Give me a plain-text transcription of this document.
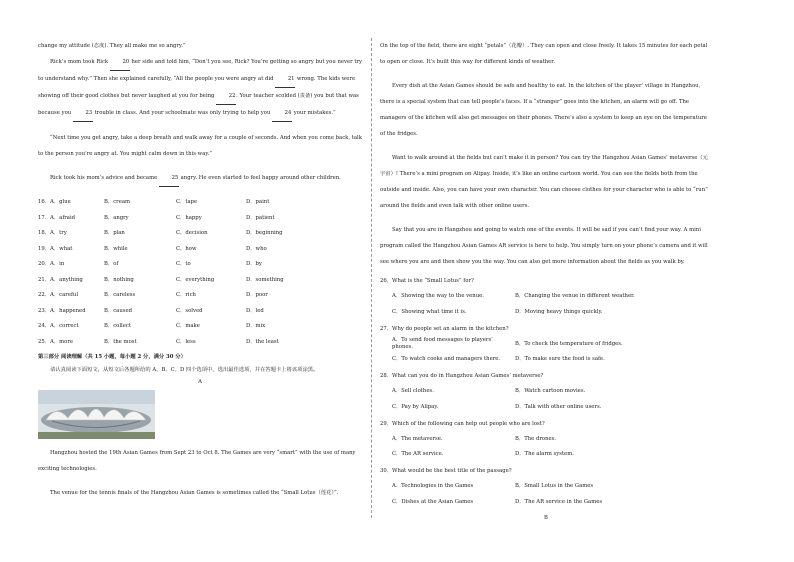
change my attitude (态度). They all make me so angry.”

Rick’s mom took Rick 20 her side and told him, “Don’t you see, Rick? You’re getting so angry but you never try to understand why.” Then she explained carefully, “All the people you were angry at did 21 wrong. The kids were showing off their good clothes but never laughed at you for being 22. Your teacher scolded (责备) you but that was because you 23 trouble in class. And your schoolmate was only trying to help you 24 your mistakes.”

“Next time you get angry, take a deep breath and walk away for a couple of seconds. And when you come back, talk to the person you’re angry at. You might calm down in this way.”

Rick took his mom’s advice and became 25 angry. He even started to feel happy around other children.

16．A．glue	B．cream	C．tape	D．paint
17．A．afraid	B．angry	C．happy	D．patient
18．A．try	B．plan	C．decision	D．beginning
19．A．what	B．while	C．how	D．who
20．A．in	B．of	C．to	D．by
21．A．anything	B．nothing	C．everything	D．something
22．A．careful	B．careless	C．rich	D．poor
23．A．happened	B．caused	C．solved	D．led
24．A．correct	B．collect	C．make	D．mix
25．A．more	B．the most	C．less	D．the least

第三部分 阅读理解（共 15 小题，每小题 2 分，满分 30 分）

请认真阅读下面短文，从短文后各题所给的 A、B、C、D 四个选项中，选出最佳选项，并在答题卡上将该项涂黑。

A

Hangzhou hosted the 19th Asian Games from Sept 23 to Oct 8. The Games are very “smart” with the use of many exciting technologies.

The venue for the tennis finals of the Hangzhou Asian Games is sometimes called the “Small Lotus（莲花）”.

On the top of the field, there are eight “petals”（花瓣）. They can open and close freely. It takes 15 minutes for each petal to open or close. It’s built this way for different kinds of weather.

Every dish at the Asian Games should be safe and healthy to eat. In the kitchen of the player’ village in Hangzhou, there is a special system that can tell people’s faces. If a “stranger” goes into the kitchen, an alarm will go off. The managers of the kitchen will also get messages on their phones. There’s also a system to keep an eye on the temperature of the fridges.

Want to walk around at the fields but can’t make it in person? You can try the Hangzhou Asian Games’ metaverse（元宇宙）! There’s a mini program on Alipay. Inside, it’s like an online cartoon world. You can see the fields both from the outside and inside. Also, you can have your own character. You can choose clothes for your character who is able to “run” around the fields and even talk with other online users.

Say that you are in Hangzhou and going to watch one of the events. It will be sad if you can’t find your way. A mini program called the Hangzhou Asian Games AR service is here to help. You simply turn on your phone’s camera and it will see where you are and then show you the way. You can also get more information about the fields as you walk by.

26．What is the “Small Lotus” for?

A．Showing the way to the venue.	B．Changing the venue in different weather.
C．Showing what time it is.	D．Moving heavy things quickly.

27．Why do people set an alarm in the kitchen?

A．To send food messages to players’ phones.
B．To check the temperature of fridges.
C．To watch cooks and managers there.	D．To make sure the food is safe.

28．What can you do in Hangzhou Asian Games’ metaverse?

A．Sell clothes.	B．Watch cartoon movies.
C．Pay by Alipay.	D．Talk with other online users.

29．Which of the following can help out people who are lost?

A．The metaverse.	B．The drones.
C．The AR service.	D．The alarm system.

30．What would be the best title of the passage?

A．Technologies in the Games	B．Small Lotus in the Games
C．Dishes at the Asian Games	D．The AR service in the Games

B
